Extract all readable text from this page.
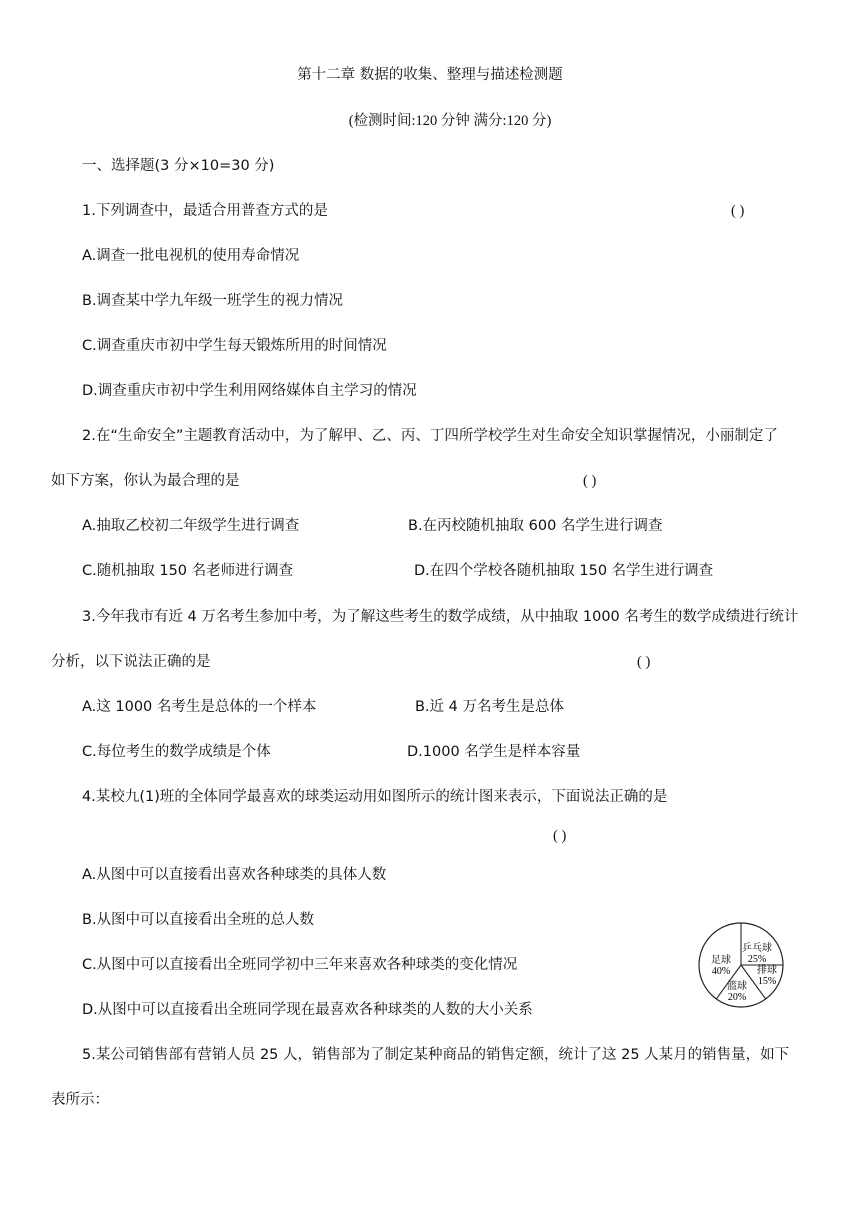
第十二章 数据的收集、整理与描述检测题
(检测时间:120 分钟 满分:120 分)
一、选择题(3 分×10=30 分)
1.下列调查中，最适合用普查方式的是	( )
A.调查一批电视机的使用寿命情况
B.调查某中学九年级一班学生的视力情况
C.调查重庆市初中学生每天锻炼所用的时间情况
D.调查重庆市初中学生利用网络媒体自主学习的情况
2.在“生命安全”主题教育活动中，为了解甲、乙、丙、丁四所学校学生对生命安全知识掌握情况，小丽制定了
如下方案，你认为最合理的是	( )
A.抽取乙校初二年级学生进行调查	B.在丙校随机抽取 600 名学生进行调查
C.随机抽取 150 名老师进行调查	D.在四个学校各随机抽取 150 名学生进行调查
3.今年我市有近 4 万名考生参加中考，为了解这些考生的数学成绩，从中抽取 1000 名考生的数学成绩进行统计
分析，以下说法正确的是	( )
A.这 1000 名考生是总体的一个样本	B.近 4 万名考生是总体
C.每位考生的数学成绩是个体	D.1000 名学生是样本容量
4.某校九(1)班的全体同学最喜欢的球类运动用如图所示的统计图来表示，下面说法正确的是
( )
A.从图中可以直接看出喜欢各种球类的具体人数
B.从图中可以直接看出全班的总人数
C.从图中可以直接看出全班同学初中三年来喜欢各种球类的变化情况
D.从图中可以直接看出全班同学现在最喜欢各种球类的人数的大小关系
乒乓球
25%
排球
15%
篮球
20%
足球
40%
5.某公司销售部有营销人员 25 人，销售部为了制定某种商品的销售定额，统计了这 25 人某月的销售量，如下
表所示：
